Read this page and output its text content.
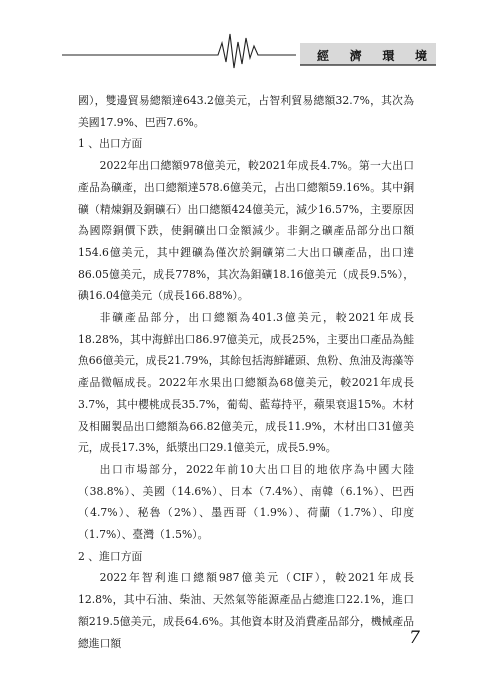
經 濟 環 境

國），雙邊貿易總額達643.2億美元，占智利貿易總額32.7%，其次為美國17.9%、巴西7.6%。

1 、出口方面

2022年出口總額978億美元，較2021年成長4.7%。第一大出口產品為礦產，出口總額達578.6億美元，占出口總額59.16%。其中銅礦（精煉銅及銅礦石）出口總額424億美元，減少16.57%，主要原因為國際銅價下跌，使銅礦出口金額減少。非銅之礦產品部分出口額154.6億美元，其中鋰礦為僅次於銅礦第二大出口礦產品，出口達86.05億美元，成長778%，其次為鉬礦18.16億美元（成長9.5%），碘16.04億美元（成長166.88%）。

非礦產品部分，出口總額為401.3億美元，較2021年成長18.28%，其中海鮮出口86.97億美元，成長25%，主要出口產品為鮭魚66億美元，成長21.79%，其餘包括海鮮罐頭、魚粉、魚油及海藻等產品微幅成長。2022年水果出口總額為68億美元，較2021年成長3.7%，其中櫻桃成長35.7%，葡萄、藍莓持平，蘋果衰退15%。木材及相關製品出口總額為66.82億美元，成長11.9%，木材出口31億美元，成長17.3%，紙漿出口29.1億美元，成長5.9%。

出口市場部分，2022年前10大出口目的地依序為中國大陸（38.8%）、美國（14.6%）、日本（7.4%）、南韓（6.1%）、巴西（4.7%）、秘魯（2%）、墨西哥（1.9%）、荷蘭（1.7%）、印度（1.7%）、臺灣（1.5%）。

2 、進口方面

2022年智利進口總額987億美元（CIF），較2021年成長12.8%，其中石油、柴油、天然氣等能源產品占總進口22.1%，進口額219.5億美元，成長64.6%。其他資本財及消費產品部分，機械產品總進口額	7
